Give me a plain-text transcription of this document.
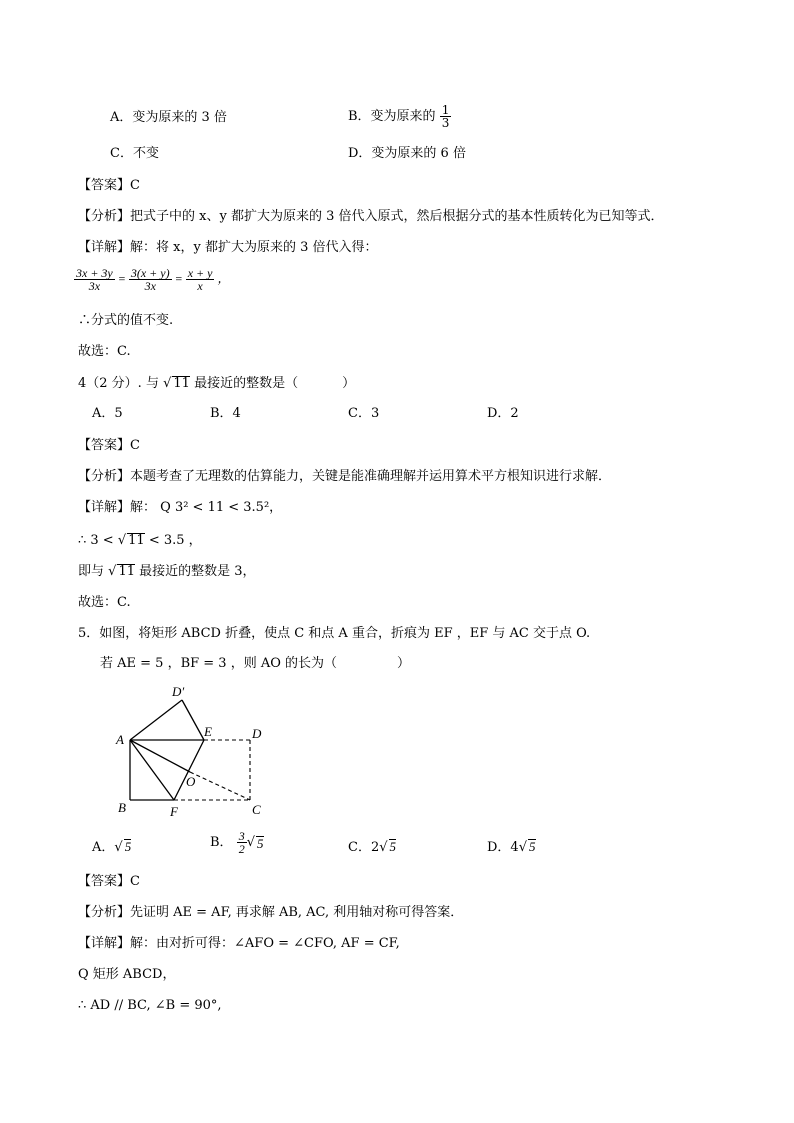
A．变为原来的 3 倍	B．变为原来的 $\frac{1}{3}$
C．不变	D．变为原来的 6 倍
【答案】C
【分析】把式子中的 x、y 都扩大为原来的 3 倍代入原式，然后根据分式的基本性质转化为已知等式．
【详解】解：将 x，y 都扩大为原来的 3 倍代入得：
$\frac{3x + 3y}{3x} = \frac{3(x + y)}{3x} = \frac{x + y}{x}$ ，
∴分式的值不变.
故选：C.
4（2 分）. 与 √ 11 最接近的整数是（	）
A．5	B．4	C．3	D．2
【答案】C
【分析】本题考查了无理数的估算能力，关键是能准确理解并运用算术平方根知识进行求解．
【详解】解： Q 3² < 11 < 3.5²，
∴ 3 < √ 11 < 3.5 ，
即与 √ 11 最接近的整数是 3，
故选：C.
5．如图，将矩形 ABCD 折叠，使点 C 和点 A 重合，折痕为 EF ，EF 与 AC 交于点 O.
若 AE = 5 ，BF = 3 ，则 AO 的长为（	）
A
B	C
D
E
F
O
D′
A．√ 5	B． $\frac{3}{2}$ √ 5	C．2√ 5	D．4√ 5
【答案】C
【分析】先证明 AE = AF, 再求解 AB, AC, 利用轴对称可得答案．
【详解】解：由对折可得：∠AFO = ∠CFO, AF = CF,
Q 矩形 ABCD，
∴ AD // BC, ∠B = 90°,
